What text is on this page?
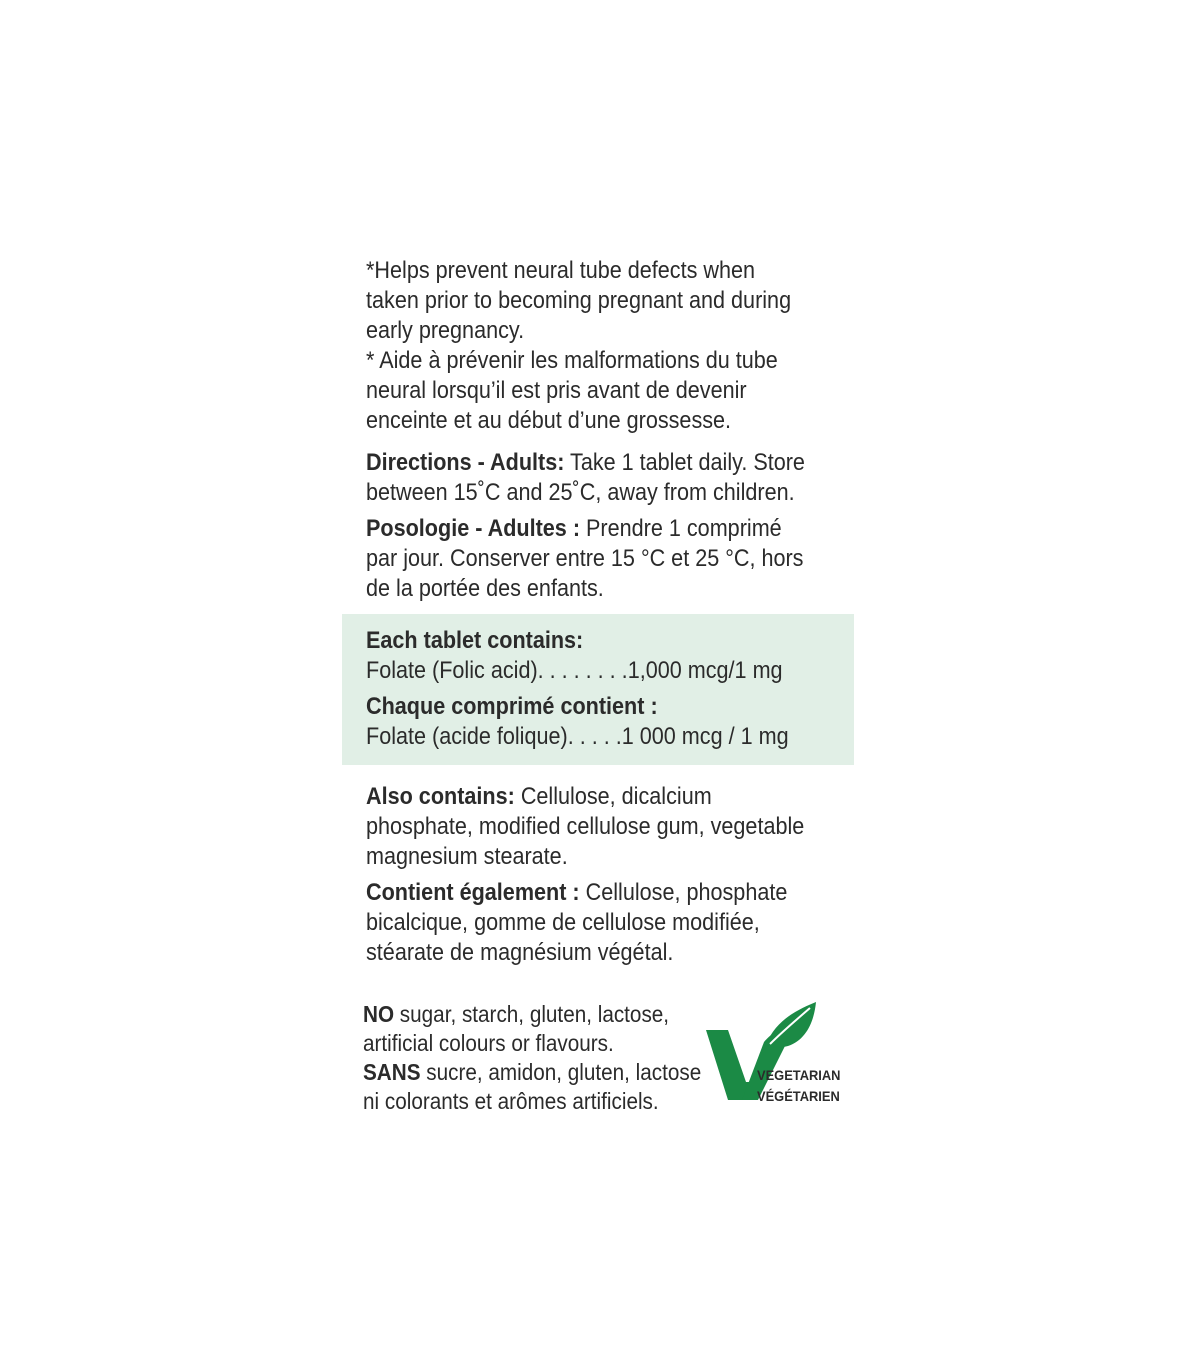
*Helps prevent neural tube defects when
taken prior to becoming pregnant and during
early pregnancy.
* Aide à prévenir les malformations du tube
neural lorsqu’il est pris avant de devenir
enceinte et au début d’une grossesse.
Directions - Adults: Take 1 tablet daily. Store
between 15˚C and 25˚C, away from children.
Posologie - Adultes : Prendre 1 comprimé
par jour. Conserver entre 15 °C et 25 °C, hors
de la portée des enfants.
Each tablet contains:
Folate (Folic acid). . . . . . . .1,000 mcg/1 mg
Chaque comprimé contient :
Folate (acide folique). . . . .1 000 mcg / 1 mg
Also contains: Cellulose, dicalcium
phosphate, modified cellulose gum, vegetable
magnesium stearate.
Contient également : Cellulose, phosphate
bicalcique, gomme de cellulose modifiée,
stéarate de magnésium végétal.
NO sugar, starch, gluten, lactose,
artificial colours or flavours.
SANS sucre, amidon, gluten, lactose
ni colorants et arômes artificiels.
VEGETARIAN
VÉGÉTARIEN
